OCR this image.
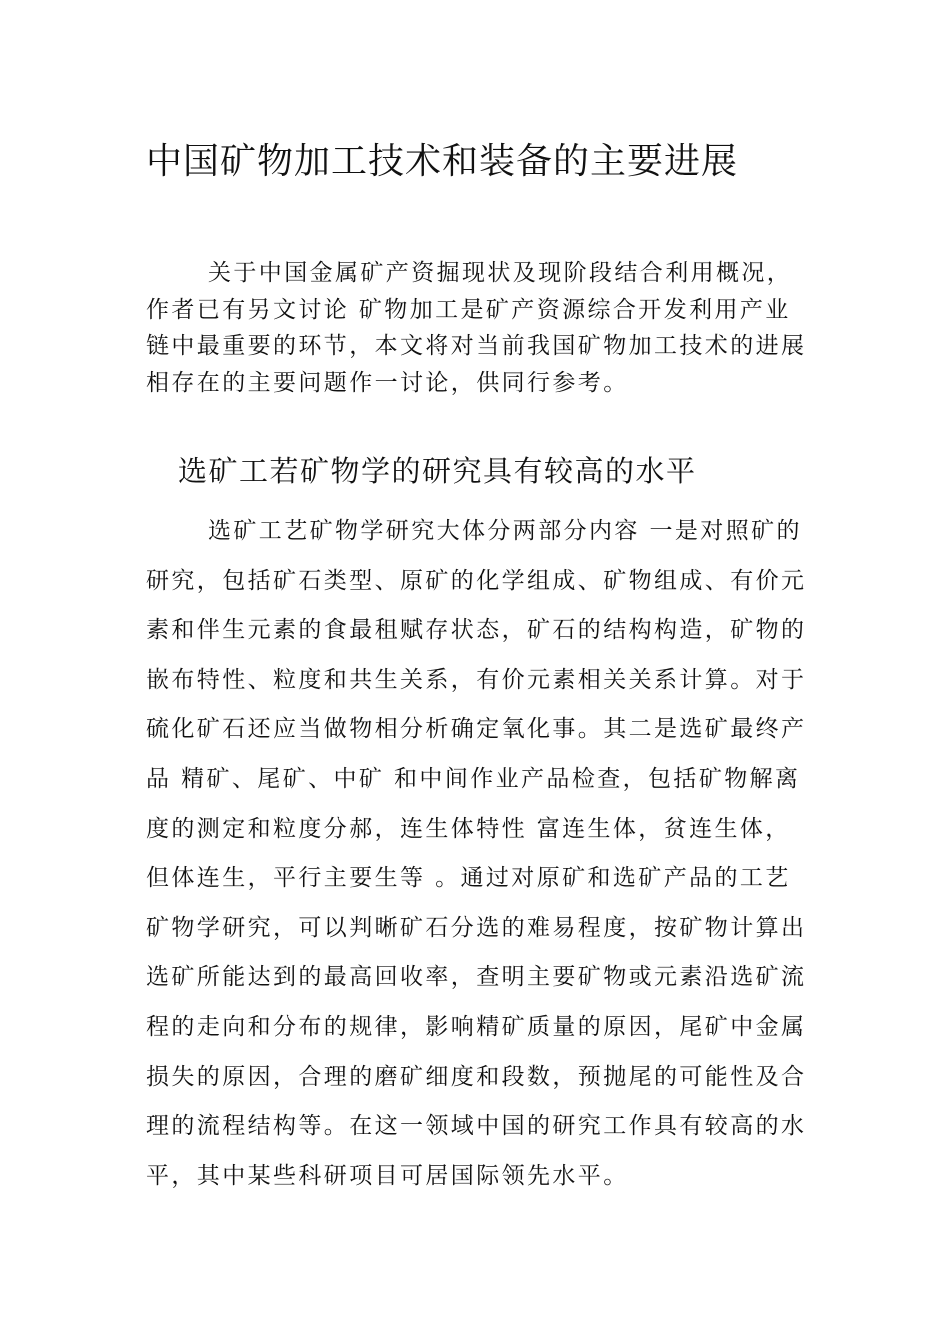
中国矿物加工技术和装备的主要进展

关于中国金属矿产资掘现状及现阶段结合利用概况，作者已有另文讨论 矿物加工是矿产资源综合开发利用产业链中最重要的环节，本文将对当前我国矿物加工技术的进展相存在的主要问题作一讨论，供同行参考。

选矿工若矿物学的研究具有较高的水平

选矿工艺矿物学研究大体分两部分内容 一是对照矿的研究，包括矿石类型、原矿的化学组成、矿物组成、有价元素和伴生元素的食最租赋存状态，矿石的结构构造，矿物的嵌布特性、粒度和共生关系，有价元素相关关系计算。对于硫化矿石还应当做物相分析确定氧化事。其二是选矿最终产品 精矿、尾矿、中矿 和中间作业产品检查，包括矿物解离度的测定和粒度分郝，连生体特性 富连生体，贫连生体，但体连生，平行主要生等 。通过对原矿和选矿产品的工艺矿物学研究，可以判晰矿石分选的难易程度，按矿物计算出选矿所能达到的最高回收率，查明主要矿物或元素沿选矿流程的走向和分布的规律，影响精矿质量的原因，尾矿中金属损失的原因，合理的磨矿细度和段数，预抛尾的可能性及合理的流程结构等。在这一领域中国的研究工作具有较高的水平，其中某些科研项目可居国际领先水平。
